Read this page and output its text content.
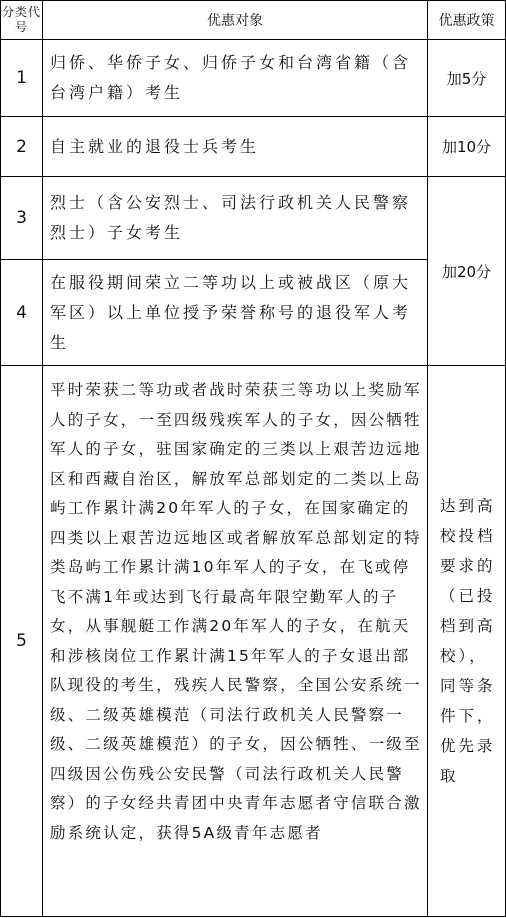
分类代号	优惠对象	优惠政策
1	归侨、华侨子女、归侨子女和台湾省籍（含台湾户籍）考生	加5分
2	自主就业的退役士兵考生	加10分
3	烈士（含公安烈士、司法行政机关人民警察烈士）子女考生	加20分
4	在服役期间荣立二等功以上或被战区（原大军区）以上单位授予荣誉称号的退役军人考生	
5	平时荣获二等功或者战时荣获三等功以上奖励军人的子女，一至四级残疾军人的子女，因公牺牲军人的子女，驻国家确定的三类以上艰苦边远地区和西藏自治区，解放军总部划定的二类以上岛屿工作累计满20年军人的子女，在国家确定的四类以上艰苦边远地区或者解放军总部划定的特类岛屿工作累计满10年军人的子女，在飞或停飞不满1年或达到飞行最高年限空勤军人的子女，从事舰艇工作满20年军人的子女，在航天和涉核岗位工作累计满15年军人的子女退出部队现役的考生，残疾人民警察，全国公安系统一级、二级英雄模范（司法行政机关人民警察一级、二级英雄模范）的子女，因公牺牲、一级至四级因公伤残公安民警（司法行政机关人民警察）的子女经共青团中央青年志愿者守信联合激励系统认定，获得5A级青年志愿者	达到高校投档要求的（已投档到高校），同等条件下，优先录取
